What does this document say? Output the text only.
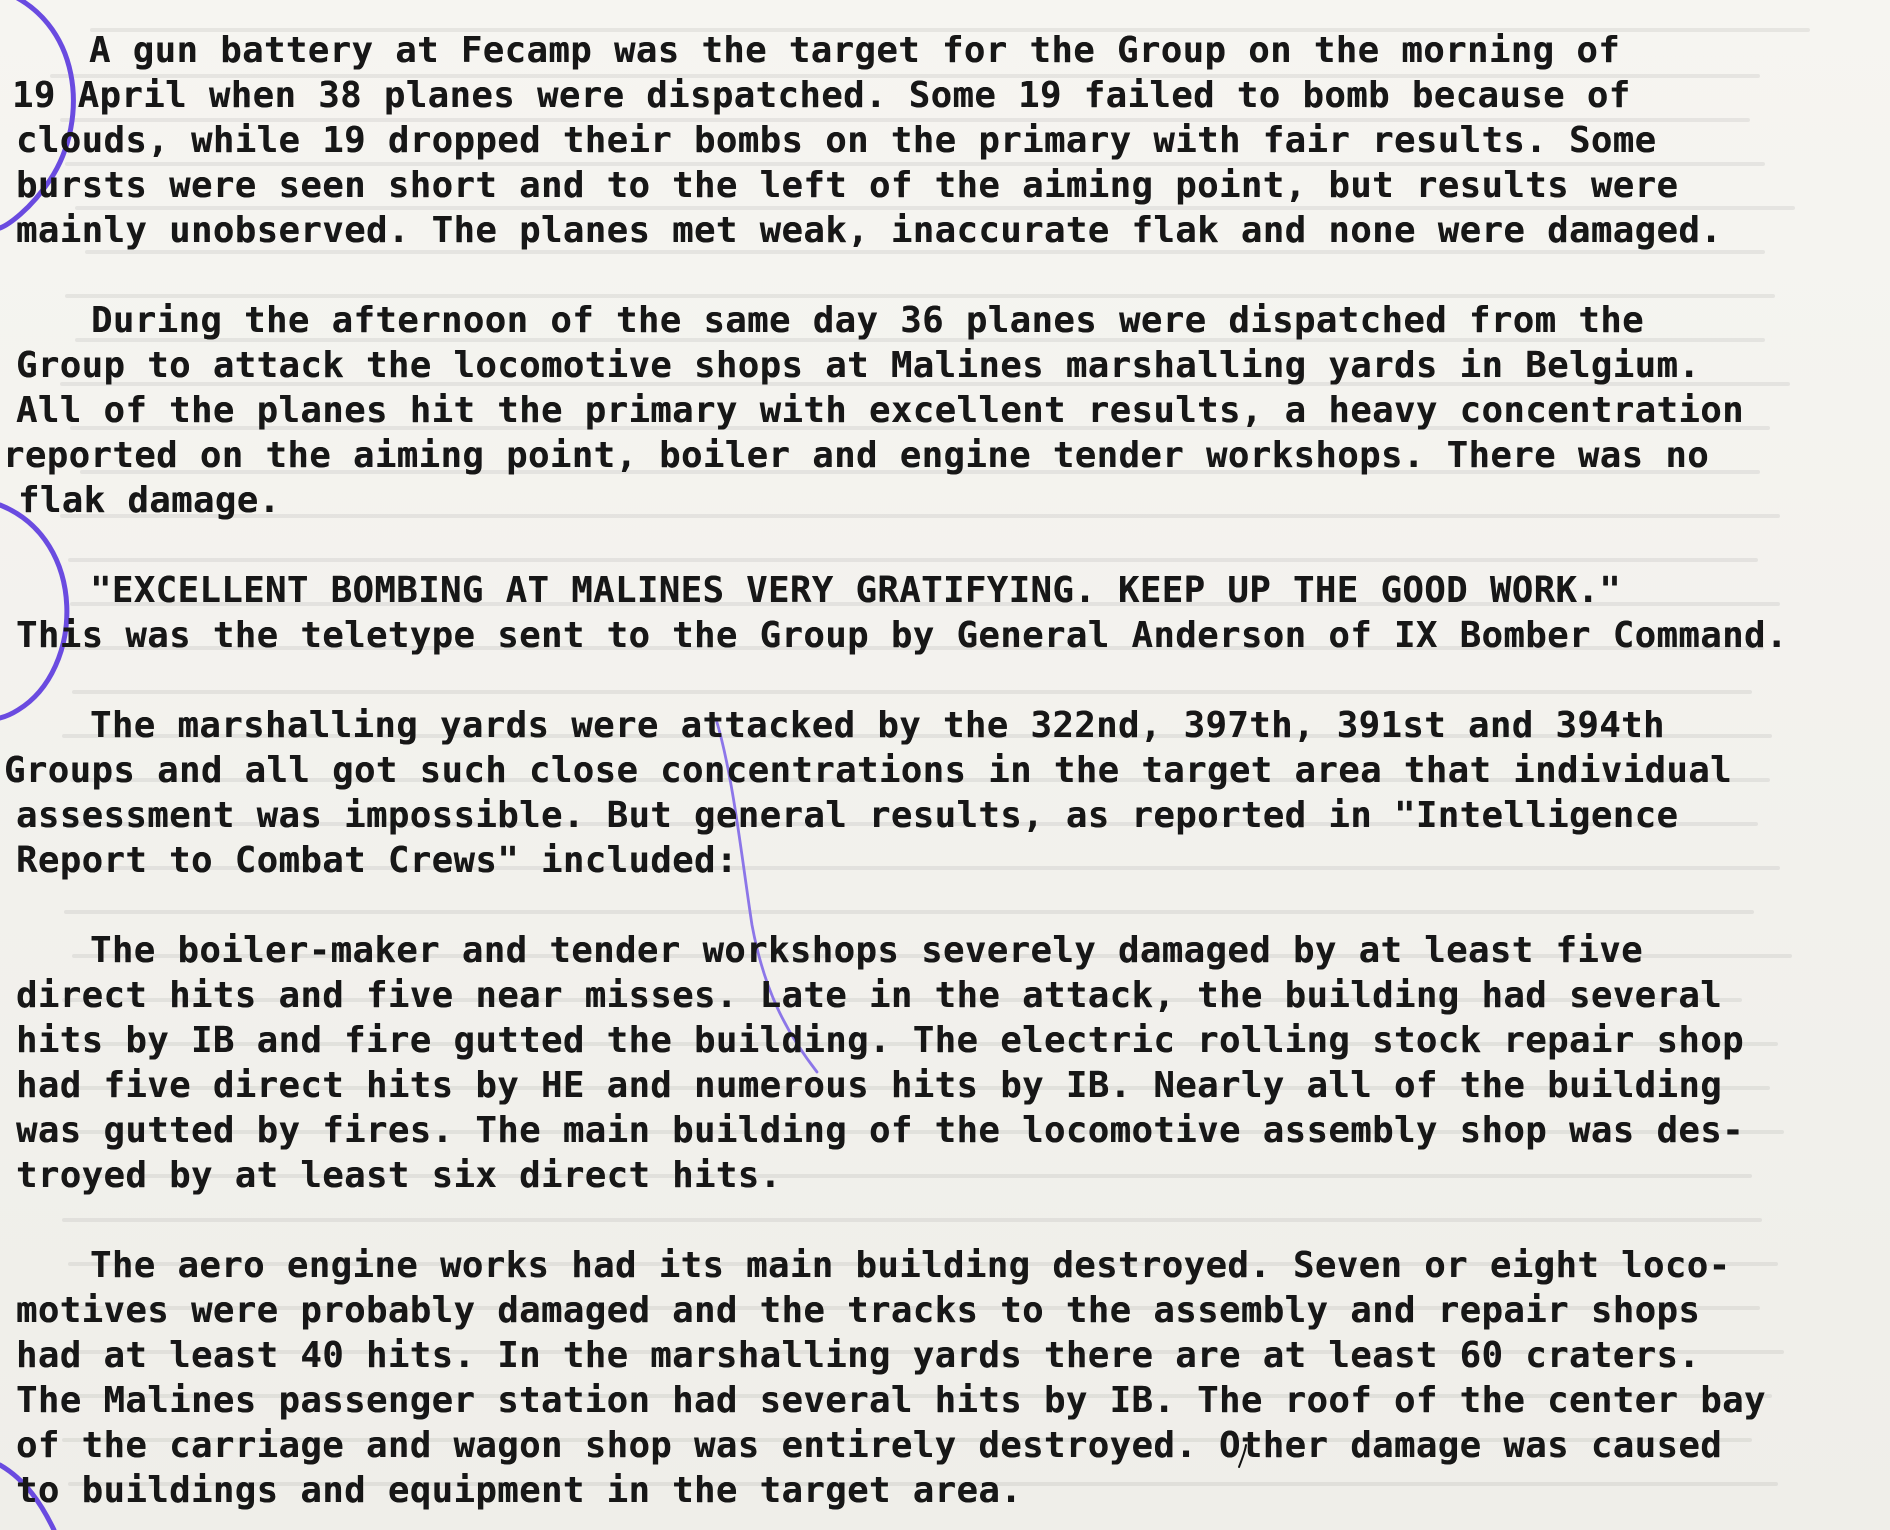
A gun battery at Fecamp was the target for the Group on the morning of
19 April when 38 planes were dispatched. Some 19 failed to bomb because of
clouds, while 19 dropped their bombs on the primary with fair results. Some
bursts were seen short and to the left of the aiming point, but results were
mainly unobserved. The planes met weak, inaccurate flak and none were damaged.
During the afternoon of the same day 36 planes were dispatched from the
Group to attack the locomotive shops at Malines marshalling yards in Belgium.
All of the planes hit the primary with excellent results, a heavy concentration
reported on the aiming point, boiler and engine tender workshops. There was no
flak damage.
"EXCELLENT BOMBING AT MALINES VERY GRATIFYING. KEEP UP THE GOOD WORK."
This was the teletype sent to the Group by General Anderson of IX Bomber Command.
The marshalling yards were attacked by the 322nd, 397th, 391st and 394th
Groups and all got such close concentrations in the target area that individual
assessment was impossible. But general results, as reported in "Intelligence
Report to Combat Crews" included:
The boiler-maker and tender workshops severely damaged by at least five
direct hits and five near misses. Late in the attack, the building had several
hits by IB and fire gutted the building. The electric rolling stock repair shop
had five direct hits by HE and numerous hits by IB. Nearly all of the building
was gutted by fires. The main building of the locomotive assembly shop was des-
troyed by at least six direct hits.
The aero engine works had its main building destroyed. Seven or eight loco-
motives were probably damaged and the tracks to the assembly and repair shops
had at least 40 hits. In the marshalling yards there are at least 60 craters.
The Malines passenger station had several hits by IB. The roof of the center bay
of the carriage and wagon shop was entirely destroyed. Other damage was caused
to buildings and equipment in the target area.
